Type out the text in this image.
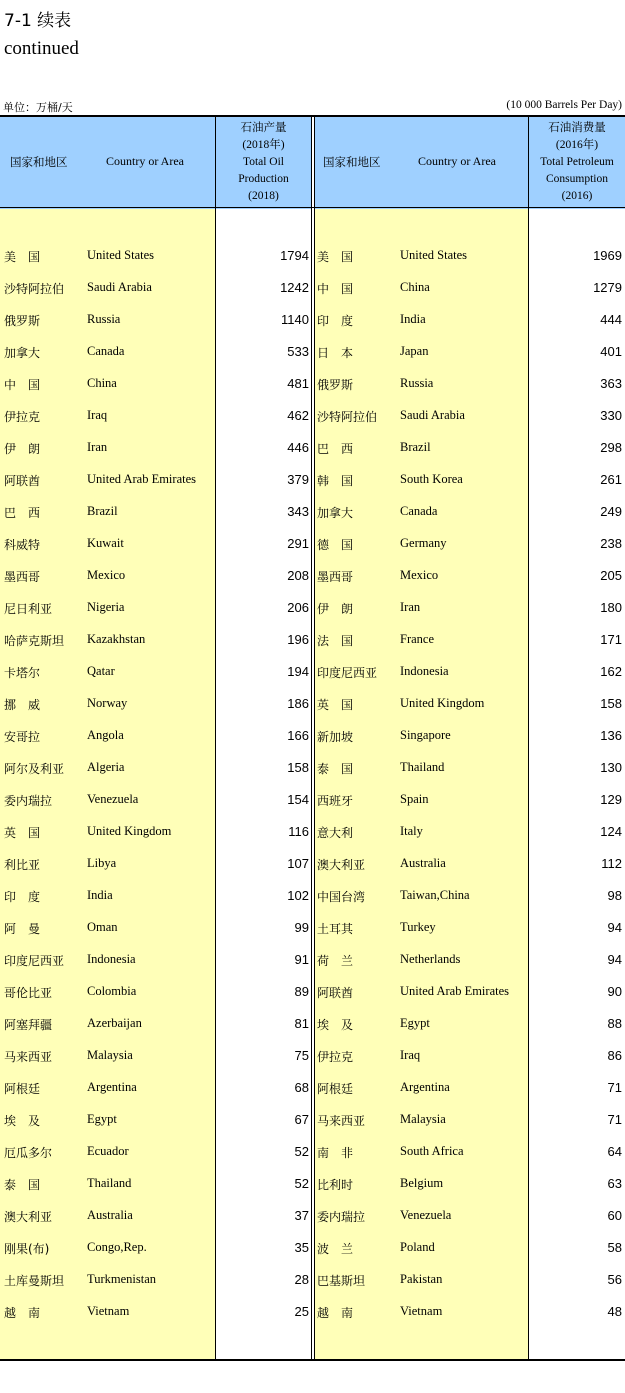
7-1 续表
continued
单位：万桶/天	(10 000 Barrels Per Day)
国家和地区	Country or Area
石油产量
(2018年)
Total Oil
Production
(2018)
国家和地区	Country or Area
石油消费量
(2016年)
Total Petroleum
Consumption
(2016)
美　国	United States	1794 美　国	United States	1969
沙特阿拉伯 Saudi Arabia	1242 中　国	China	1279
俄罗斯	Russia	1140 印　度	India	444
加拿大	Canada	533 日　本	Japan	401
中　国	China	481 俄罗斯	Russia	363
伊拉克	Iraq	462 沙特阿拉伯 Saudi Arabia	330
伊　朗	Iran	446 巴　西	Brazil	298
阿联酋	United Arab Emirates	379 韩　国	South Korea	261
巴　西	Brazil	343 加拿大	Canada	249
科威特	Kuwait	291 德　国	Germany	238
墨西哥	Mexico	208 墨西哥	Mexico	205
尼日利亚	Nigeria	206 伊　朗	Iran	180
哈萨克斯坦 Kazakhstan	196 法　国	France	171
卡塔尔	Qatar	194 印度尼西亚 Indonesia	162
挪　威	Norway	186 英　国	United Kingdom	158
安哥拉	Angola	166 新加坡	Singapore	136
阿尔及利亚 Algeria	158 泰　国	Thailand	130
委内瑞拉	Venezuela	154 西班牙	Spain	129
英　国	United Kingdom	116 意大利	Italy	124
利比亚	Libya	107 澳大利亚	Australia	112
印　度	India	102 中国台湾	Taiwan,China	98
阿　曼	Oman	99 土耳其	Turkey	94
印度尼西亚 Indonesia	91 荷　兰	Netherlands	94
哥伦比亚	Colombia	89 阿联酋	United Arab Emirates	90
阿塞拜疆	Azerbaijan	81 埃　及	Egypt	88
马来西亚	Malaysia	75 伊拉克	Iraq	86
阿根廷	Argentina	68 阿根廷	Argentina	71
埃　及	Egypt	67 马来西亚	Malaysia	71
厄瓜多尔	Ecuador	52 南　非	South Africa	64
泰　国	Thailand	52 比利时	Belgium	63
澳大利亚	Australia	37 委内瑞拉	Venezuela	60
刚果(布)	Congo,Rep.	35 波　兰	Poland	58
土库曼斯坦 Turkmenistan	28 巴基斯坦	Pakistan	56
越　南	Vietnam	25 越　南	Vietnam	48
